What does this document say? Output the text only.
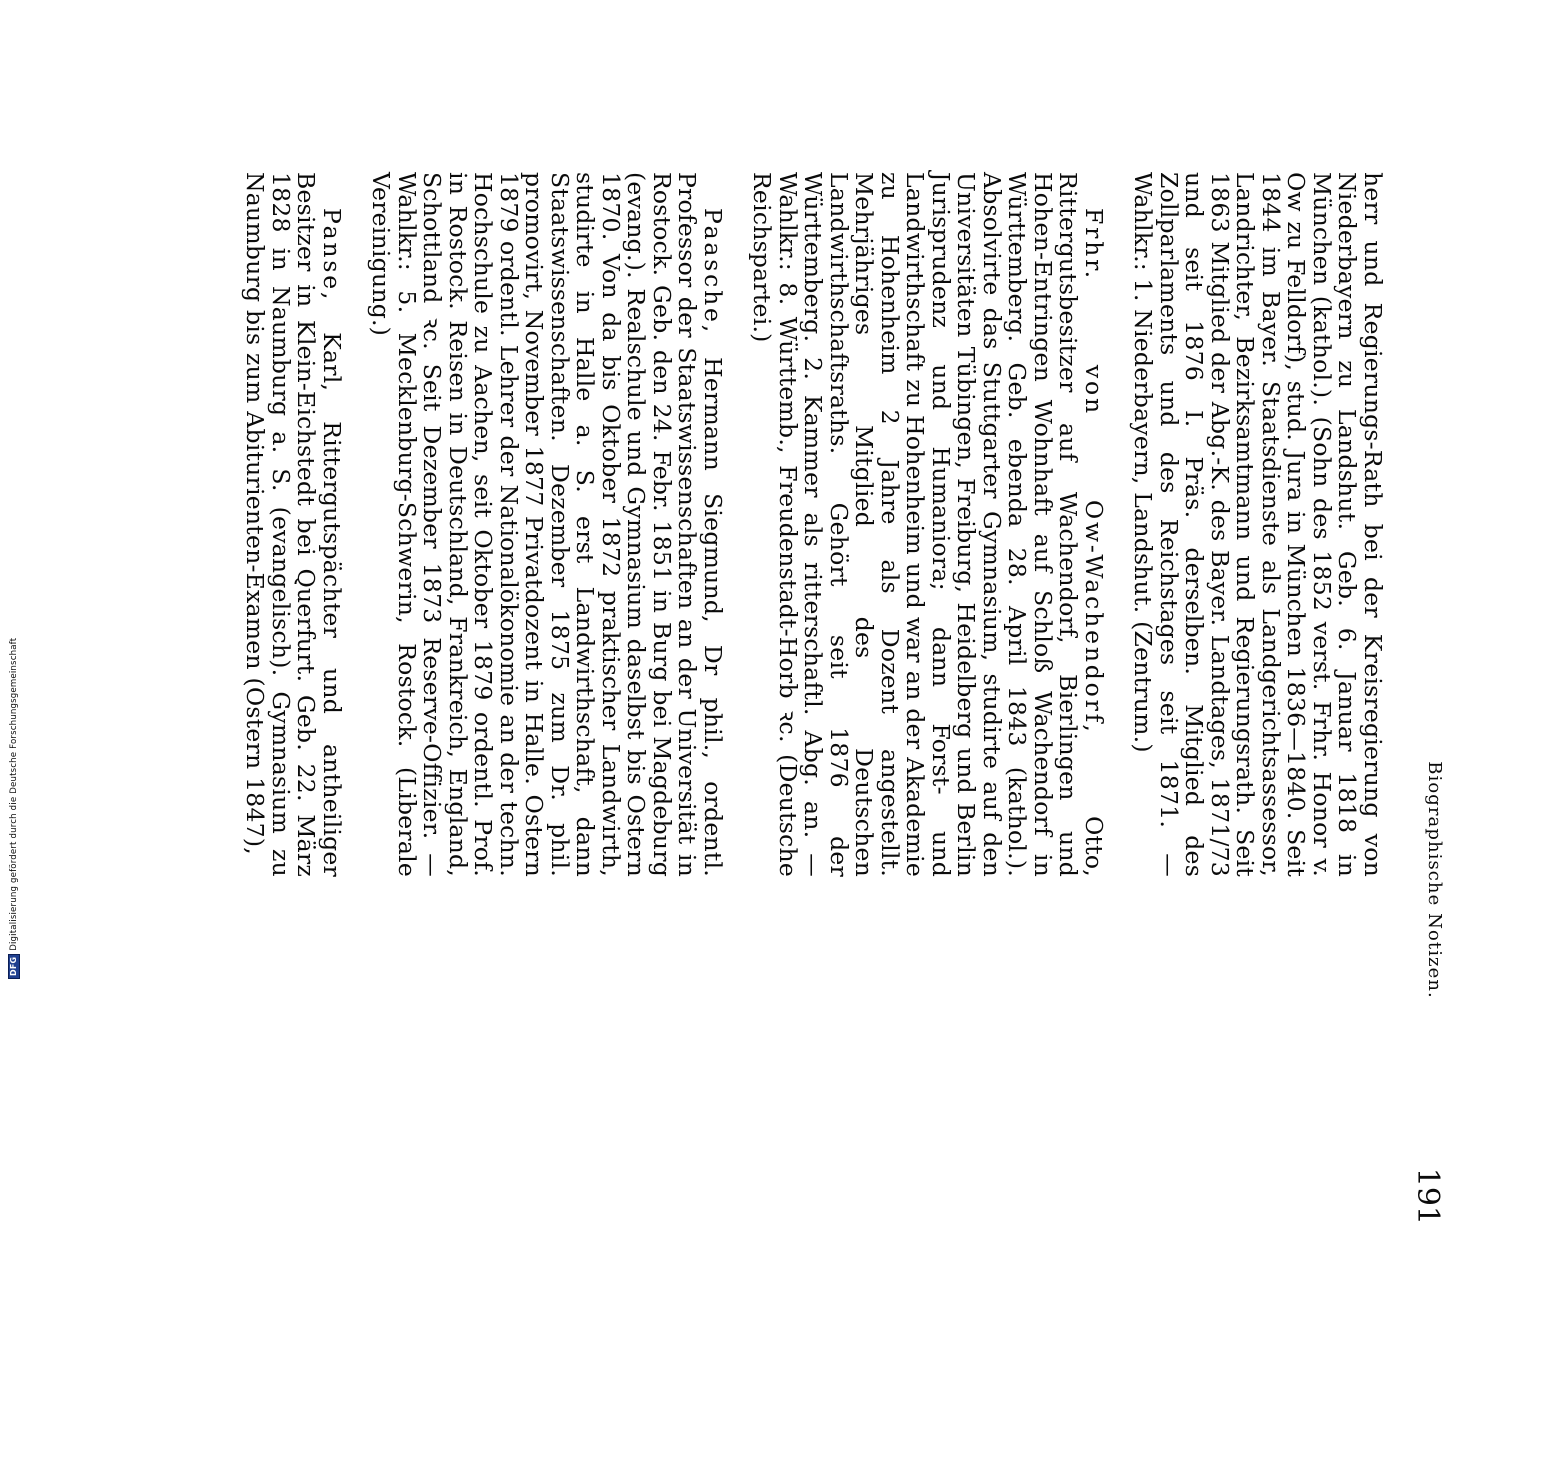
DFG
Digitalisierung gefördert durch die Deutsche Forschungsgemeinschaft	Biographische Notizen.
191

herr und Regierungs-Rath bei der Kreisregierung von Niederbayern zu Landshut. Geb. 6. Januar 1818 in München (kathol.). (Sohn des 1852 verst. Frhr. Honor v. Ow zu Felldorf), stud. Jura in München 1836—1840. Seit 1844 im Bayer. Staatsdienste als Landgerichtsassessor, Landrichter, Bezirksamtmann und Regierungsrath. Seit 1863 Mitglied der Abg.-K. des Bayer. Landtages, 1871/73 und seit 1876 I. Präs. derselben. Mitglied des Zollparlaments und des Reichstages seit 1871. — Wahlkr.: 1. Niederbayern, Landshut. (Zentrum.)

Frhr. von Ow-Wachendorf, Otto, Rittergutsbesitzer auf Wachendorf, Bierlingen und Hohen-Entringen Wohnhaft auf Schloß Wachendorf in Württemberg. Geb. ebenda 28. April 1843 (kathol.). Absolvirte das Stuttgarter Gymnasium, studirte auf den Universitäten Tübingen, Freiburg, Heidelberg und Berlin Jurisprudenz und Humaniora; dann Forst- und Landwirthschaft zu Hohenheim und war an der Akademie zu Hohenheim 2 Jahre als Dozent angestellt. Mehrjähriges Mitglied des Deutschen Landwirthschaftsraths. Gehört seit 1876 der Württemberg. 2. Kammer als ritterschaftl. Abg. an. — Wahlkr.: 8. Württemb., Freudenstadt-Horb ꝛc. (Deutsche Reichspartei.)

Paasche, Hermann Siegmund, Dr phil., ordentl. Professor der Staatswissenschaften an der Universität in Rostock. Geb. den 24. Febr. 1851 in Burg bei Magdeburg (evang.). Realschule und Gymnasium daselbst bis Ostern 1870. Von da bis Oktober 1872 praktischer Landwirth, studirte in Halle a. S. erst Landwirthschaft, dann Staatswissenschaften. Dezember 1875 zum Dr. phil. promovirt, November 1877 Privatdozent in Halle. Ostern 1879 ordentl. Lehrer der Nationalökonomie an der techn. Hochschule zu Aachen, seit Oktober 1879 ordentl. Prof. in Rostock. Reisen in Deutschland, Frankreich, England, Schottland ꝛc. Seit Dezember 1873 Reserve-Offizier. — Wahlkr.: 5. Mecklenburg-Schwerin, Rostock. (Liberale Vereinigung.)

Panse, Karl, Rittergutspächter und antheiliger Besitzer in Klein-Eichstedt bei Querfurt. Geb. 22. März 1828 in Naumburg a. S. (evangelisch). Gymnasium zu Naumburg bis zum Abiturienten-Examen (Ostern 1847),
